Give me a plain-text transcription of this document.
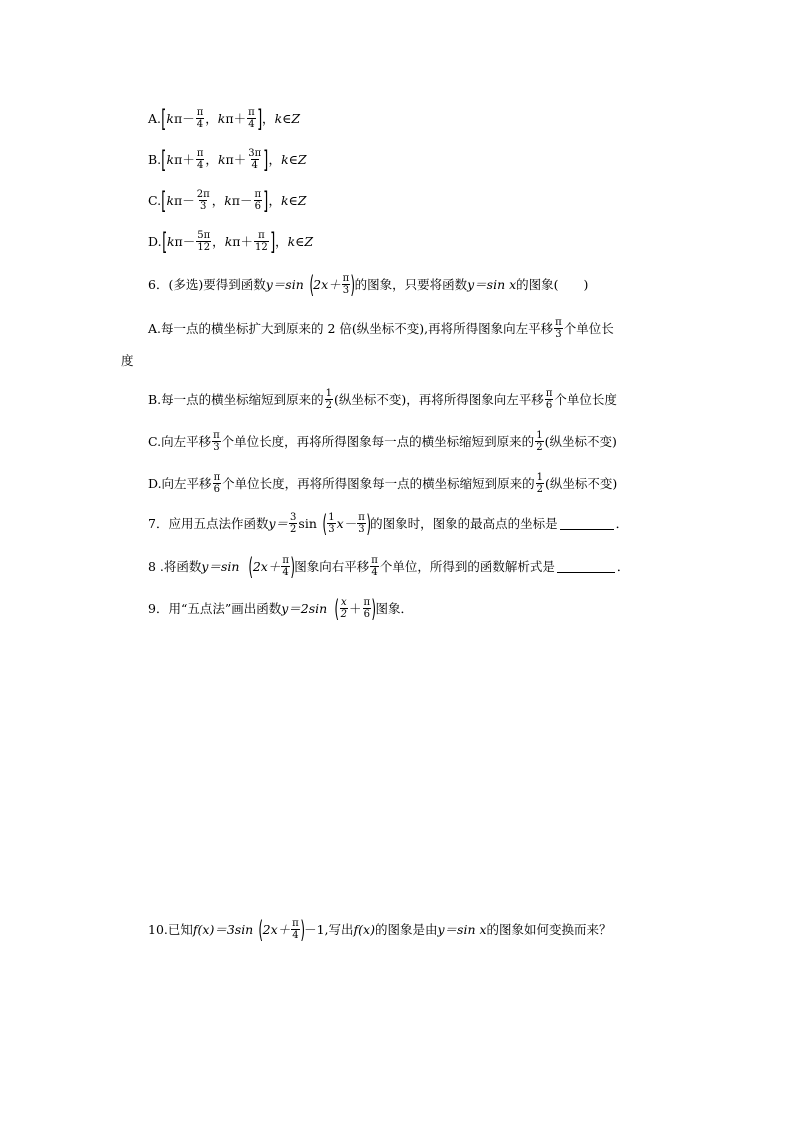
A. [ k $\pi - \frac{\pi}{4}$ ， k $\pi+ \frac{\pi}{4}$ ] ， k∈Z
B. [ k $\pi+ \frac{\pi}{4}$ ， k $\pi+ \frac{3\pi}{4}$ ] ， k∈Z
C. [ k $\pi- \frac{2\pi}{3}$ ， k $\pi- \frac{\pi}{6}$ ] ， k∈Z
D. [ k $\pi- \frac{5\pi}{12}$ ， k $\pi+ \frac{\pi}{12}$ ] ， k∈Z
6．(多选)要得到函数 y＝sin ( $2x+ \frac{\pi}{3}$ ) 的图象，只要将函数 y＝sin x 的图象(　　)
A.每一点的横坐标扩大到原来的 2 倍(纵坐标不变),再将所得图象向左平移 $\frac{\pi}{3}$ 个单位长
度
B.每一点的横坐标缩短到原来的 $\frac{1}{2}$ (纵坐标不变)，再将所得图象向左平移 $\frac{\pi}{6}$ 个单位长度
C.向左平移 $\frac{\pi}{3}$ 个单位长度，再将所得图象每一点的横坐标缩短到原来的 $\frac{1}{2}$ (纵坐标不变)
D.向左平移 $\frac{\pi}{6}$ 个单位长度，再将所得图象每一点的横坐标缩短到原来的 $\frac{1}{2}$ (纵坐标不变)
7．应用五点法作函数 $y= \frac{3}{2}$ sin ( $\frac{1}{3} x- \frac{\pi}{3}$ ) 的图象时，图象的最高点的坐标是	．
8 .将函数 y＝sin ( $2x+ \frac{\pi}{4}$ ) 图象向右平移 $\frac{\pi}{4}$ 个单位，所得到的函数解析式是	．
9．用“五点法”画出函数 y＝2sin ( $\frac{x}{2} + \frac{\pi}{6}$ ) 图象．
10.已知 f(x)＝3sin ( $2x+ \frac{\pi}{4}$ ) －1,写出 f(x) 的图象是由 y＝sin x 的图象如何变换而来？
